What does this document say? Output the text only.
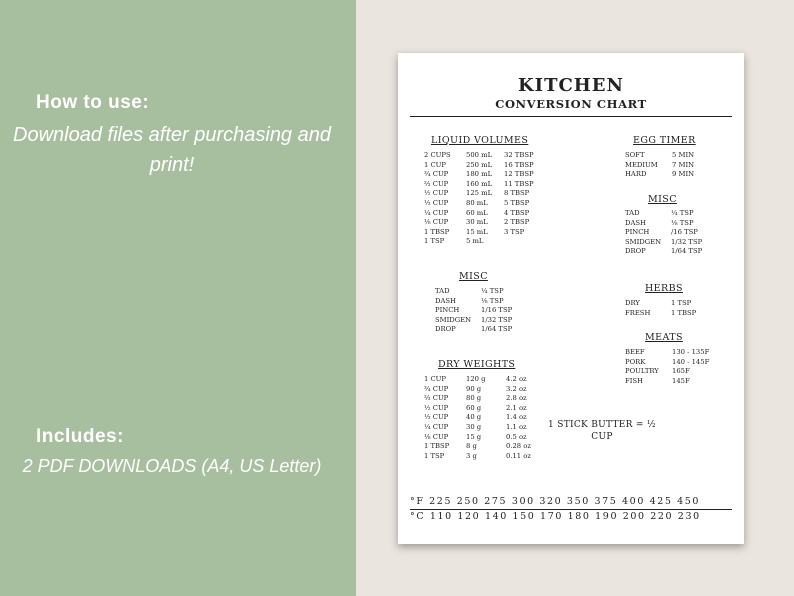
How to use:
Download files after purchasing and print!
Includes:
2 PDF DOWNLOADS (A4, US Letter)
KITCHEN
CONVERSION CHART
LIQUID VOLUMES
2 CUPS 500 mL 32 TBSP
1 CUP	250 mL 16 TBSP
¾ CUP	180 mL 12 TBSP
⅔ CUP	160 mL 11 TBSP
½ CUP	125 mL 8 TBSP
⅓ CUP	80 mL 5 TBSP
¼ CUP	60 mL 4 TBSP
⅛ CUP	30 mL 2 TBSP
1 TBSP 15 mL 3 TSP
1 TSP	5 mL
MISC
TAD	¼ TSP
DASH	⅛ TSP
PINCH	1/16 TSP
SMIDGEN 1/32 TSP
DROP	1/64 TSP
DRY WEIGHTS
1 CUP	120 g	4.2 oz
¾ CUP	90 g	3.2 oz
⅔ CUP	80 g	2.8 oz
½ CUP	60 g	2.1 oz
⅓ CUP	40 g	1.4 oz
¼ CUP	30 g	1.1 oz
⅛ CUP	15 g	0.5 oz
1 TBSP 8 g	0.28 oz
1 TSP	3 g	0.11 oz
EGG TIMER
SOFT	5 MIN
MEDIUM 7 MIN
HARD	9 MIN
MISC
TAD	¼ TSP
DASH	⅛ TSP
PINCH	/16 TSP
SMIDGEN 1/32 TSP
DROP	1/64 TSP
HERBS
DRY	1 TSP
FRESH	1 TBSP
MEATS
BEEF	130 - 135F
PORK	140 - 145F
POULTRY 165F
FISH	145F
1 STICK BUTTER = ½ CUP
°F 225 250 275 300 320 350 375 400 425 450
°C 110 120 140 150 170 180 190 200 220 230
